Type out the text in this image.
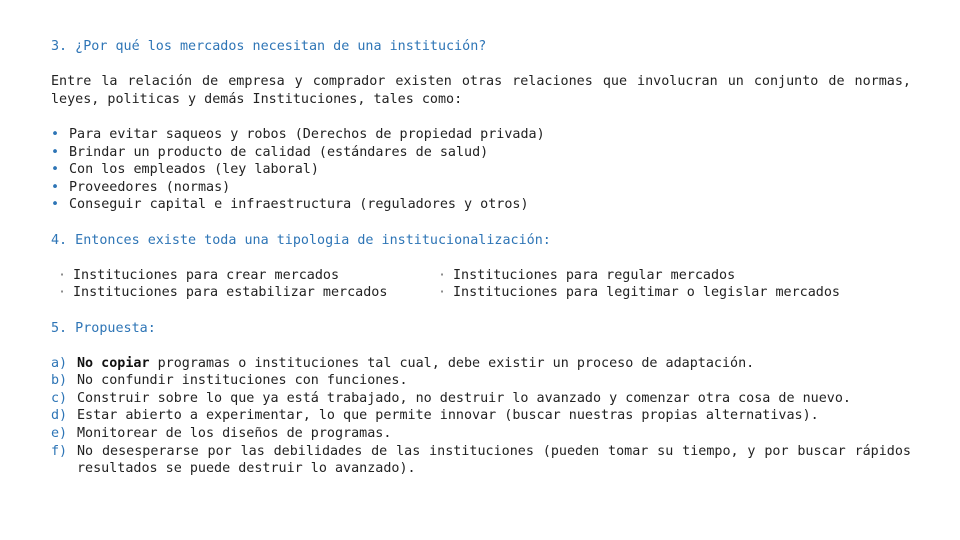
3. ¿Por qué los mercados necesitan de una institución?
Entre la relación de empresa y comprador existen otras relaciones que involucran un conjunto de normas, leyes, politicas y demás Instituciones, tales como:
• Para evitar saqueos y robos (Derechos de propiedad privada)
• Brindar un producto de calidad (estándares de salud)
• Con los empleados (ley laboral)
• Proveedores (normas)
• Conseguir capital e infraestructura (reguladores y otros)
4. Entonces existe toda una tipologia de institucionalización:
· Instituciones para crear mercados	· Instituciones para regular mercados
· Instituciones para estabilizar mercados	· Instituciones para legitimar o legislar mercados
5. Propuesta:
a) No copiar programas o instituciones tal cual, debe existir un proceso de adaptación.
b) No confundir instituciones con funciones.
c) Construir sobre lo que ya está trabajado, no destruir lo avanzado y comenzar otra cosa de nuevo.
d) Estar abierto a experimentar, lo que permite innovar (buscar nuestras propias alternativas).
e) Monitorear de los diseños de programas.
f) No desesperarse por las debilidades de las instituciones (pueden tomar su tiempo, y por buscar rápidos resultados se puede destruir lo avanzado).
